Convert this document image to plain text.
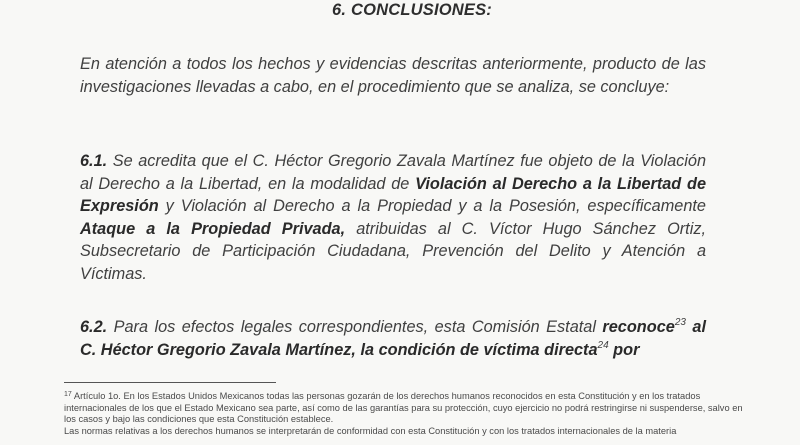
6. CONCLUSIONES:

En atención a todos los hechos y evidencias descritas anteriormente, producto de las investigaciones llevadas a cabo, en el procedimiento que se analiza, se concluye:

6.1. Se acredita que el C. Héctor Gregorio Zavala Martínez fue objeto de la Violación al Derecho a la Libertad, en la modalidad de Violación al Derecho a la Libertad de Expresión y Violación al Derecho a la Propiedad y a la Posesión, específicamente Ataque a la Propiedad Privada, atribuidas al C. Víctor Hugo Sánchez Ortiz, Subsecretario de Participación Ciudadana, Prevención del Delito y Atención a Víctimas.

6.2. Para los efectos legales correspondientes, esta Comisión Estatal reconoce$^{23}$ al C. Héctor Gregorio Zavala Martínez, la condición de víctima directa$^{24}$ por

$^{17}$ Artículo 1o. En los Estados Unidos Mexicanos todas las personas gozarán de los derechos humanos reconocidos en esta Constitución y en los tratados internacionales de los que el Estado Mexicano sea parte, así como de las garantías para su protección, cuyo ejercicio no podrá restringirse ni suspenderse, salvo en los casos y bajo las condiciones que esta Constitución establece.

Las normas relativas a los derechos humanos se interpretarán de conformidad con esta Constitución y con los tratados internacionales de la materia
